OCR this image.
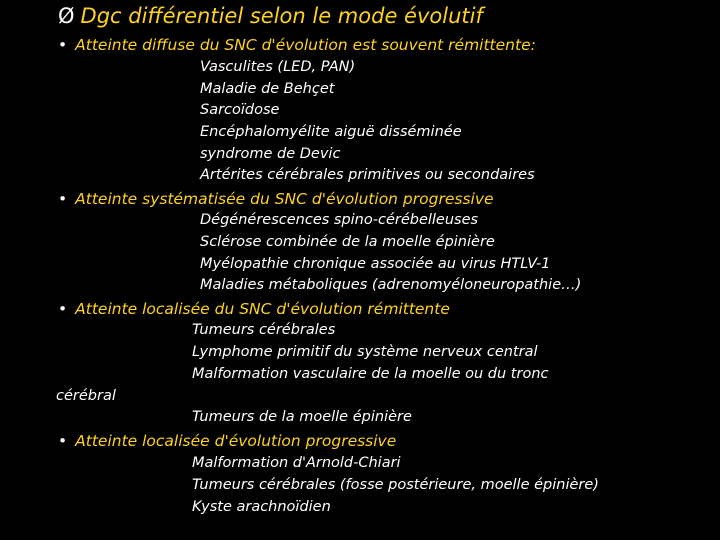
Ø Dgc différentiel selon le mode évolutif
• Atteinte diffuse du SNC d'évolution est souvent rémittente:
Vasculites (LED, PAN)
Maladie de Behçet
Sarcoïdose
Encéphalomyélite aiguë disséminée
syndrome de Devic
Artérites cérébrales primitives ou secondaires
• Atteinte systématisée du SNC d'évolution progressive
Dégénérescences spino-cérébelleuses
Sclérose combinée de la moelle épinière
Myélopathie chronique associée au virus HTLV-1
Maladies métaboliques (adrenomyéloneuropathie…)
• Atteinte localisée du SNC d'évolution rémittente
Tumeurs cérébrales
Lymphome primitif du système nerveux central
Malformation vasculaire de la moelle ou du tronc
cérébral
Tumeurs de la moelle épinière
• Atteinte localisée d'évolution progressive
Malformation d'Arnold-Chiari
Tumeurs cérébrales (fosse postérieure, moelle épinière)
Kyste arachnoïdien
